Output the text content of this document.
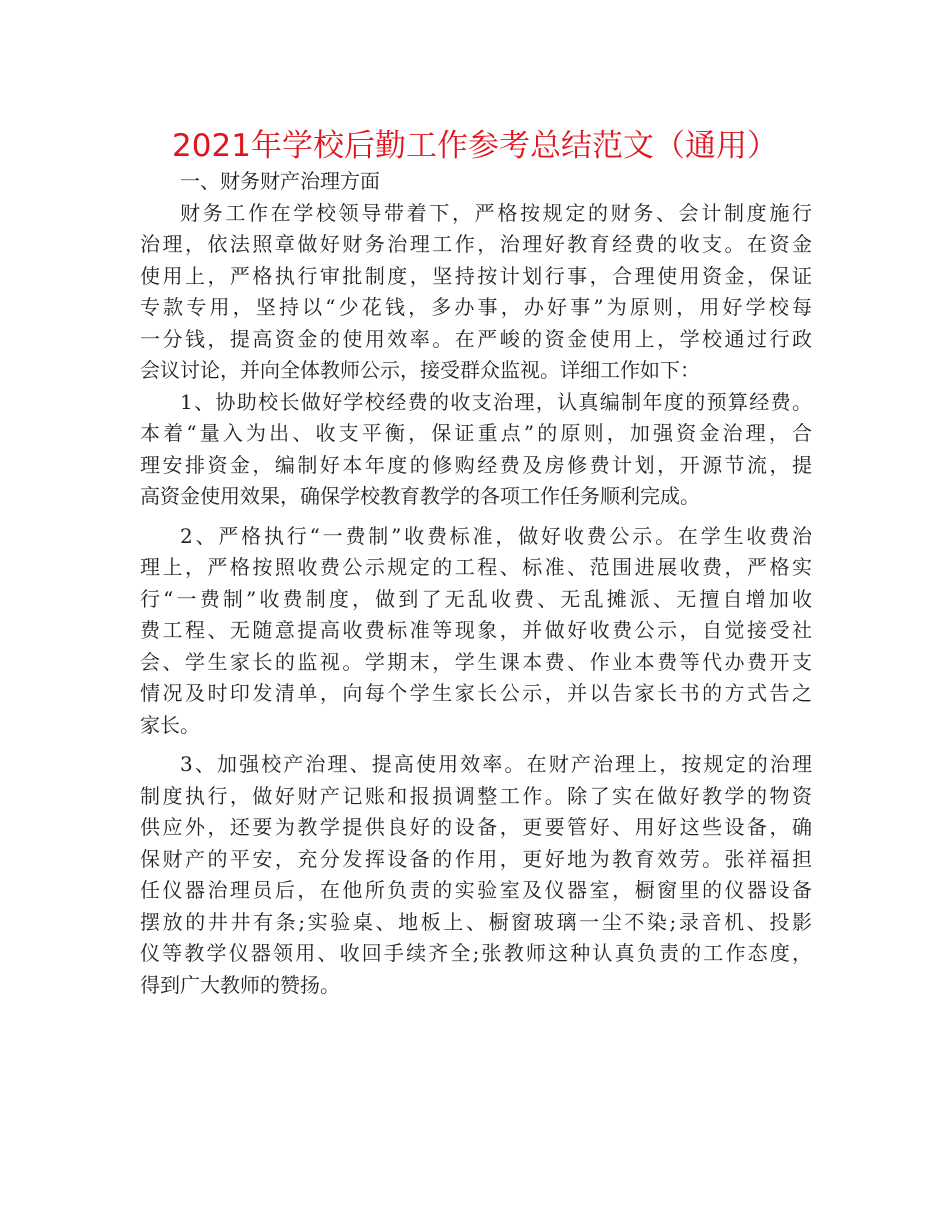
2021年学校后勤工作参考总结范文（通用）

一、财务财产治理方面

财务工作在学校领导带着下，严格按规定的财务、会计制度施行
治理，依法照章做好财务治理工作，治理好教育经费的收支。在资金
使用上，严格执行审批制度，坚持按计划行事，合理使用资金，保证
专款专用，坚持以“少花钱，多办事，办好事”为原则，用好学校每
一分钱，提高资金的使用效率。在严峻的资金使用上，学校通过行政
会议讨论，并向全体教师公示，接受群众监视。详细工作如下：
1、协助校长做好学校经费的收支治理，认真编制年度的预算经费。
本着“量入为出、收支平衡，保证重点”的原则，加强资金治理，合
理安排资金，编制好本年度的修购经费及房修费计划，开源节流，提
高资金使用效果，确保学校教育教学的各项工作任务顺利完成。
2、严格执行“一费制”收费标准，做好收费公示。在学生收费治
理上，严格按照收费公示规定的工程、标准、范围进展收费，严格实
行“一费制”收费制度，做到了无乱收费、无乱摊派、无擅自增加收
费工程、无随意提高收费标准等现象，并做好收费公示，自觉接受社
会、学生家长的监视。学期末，学生课本费、作业本费等代办费开支
情况及时印发清单，向每个学生家长公示，并以告家长书的方式告之
家长。
3、加强校产治理、提高使用效率。在财产治理上，按规定的治理
制度执行，做好财产记账和报损调整工作。除了实在做好教学的物资
供应外，还要为教学提供良好的设备，更要管好、用好这些设备，确
保财产的平安，充分发挥设备的作用，更好地为教育效劳。张祥福担
任仪器治理员后，在他所负责的实验室及仪器室，橱窗里的仪器设备
摆放的井井有条;实验桌、地板上、橱窗玻璃一尘不染;录音机、投影
仪等教学仪器领用、收回手续齐全;张教师这种认真负责的工作态度，
得到广大教师的赞扬。
